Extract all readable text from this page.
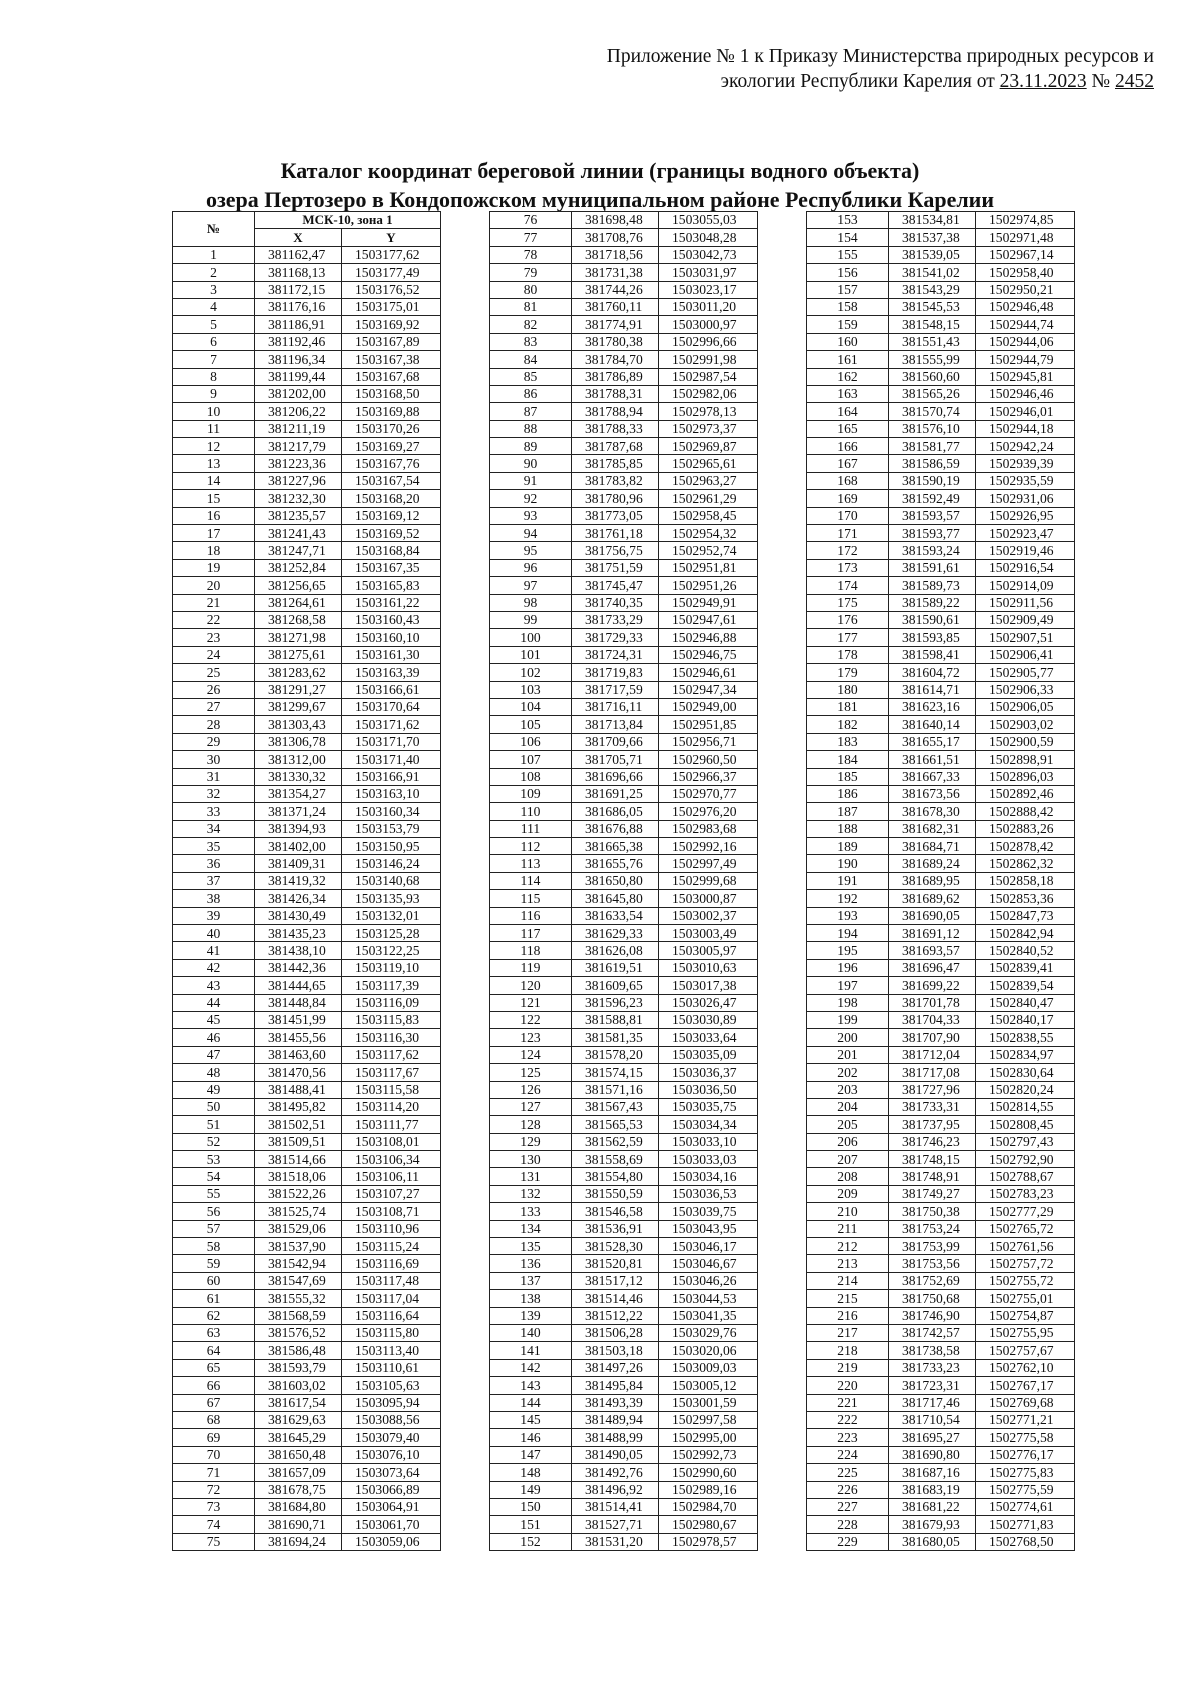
Приложение № 1 к Приказу Министерства природных ресурсов и
экологии Республики Карелия от 23.11.2023 № 2452
Каталог координат береговой линии (границы водного объекта)
озера Пертозеро в Кондопожском муниципальном районе Республики Карелии
№	МСК-10, зона 1	
	X	Y
1	381162,47	1503177,62
2	381168,13	1503177,49
3	381172,15	1503176,52
4	381176,16	1503175,01
5	381186,91	1503169,92
6	381192,46	1503167,89
7	381196,34	1503167,38
8	381199,44	1503167,68
9	381202,00	1503168,50
10	381206,22	1503169,88
11	381211,19	1503170,26
12	381217,79	1503169,27
13	381223,36	1503167,76
14	381227,96	1503167,54
15	381232,30	1503168,20
16	381235,57	1503169,12
17	381241,43	1503169,52
18	381247,71	1503168,84
19	381252,84	1503167,35
20	381256,65	1503165,83
21	381264,61	1503161,22
22	381268,58	1503160,43
23	381271,98	1503160,10
24	381275,61	1503161,30
25	381283,62	1503163,39
26	381291,27	1503166,61
27	381299,67	1503170,64
28	381303,43	1503171,62
29	381306,78	1503171,70
30	381312,00	1503171,40
31	381330,32	1503166,91
32	381354,27	1503163,10
33	381371,24	1503160,34
34	381394,93	1503153,79
35	381402,00	1503150,95
36	381409,31	1503146,24
37	381419,32	1503140,68
38	381426,34	1503135,93
39	381430,49	1503132,01
40	381435,23	1503125,28
41	381438,10	1503122,25
42	381442,36	1503119,10
43	381444,65	1503117,39
44	381448,84	1503116,09
45	381451,99	1503115,83
46	381455,56	1503116,30
47	381463,60	1503117,62
48	381470,56	1503117,67
49	381488,41	1503115,58
50	381495,82	1503114,20
51	381502,51	1503111,77
52	381509,51	1503108,01
53	381514,66	1503106,34
54	381518,06	1503106,11
55	381522,26	1503107,27
56	381525,74	1503108,71
57	381529,06	1503110,96
58	381537,90	1503115,24
59	381542,94	1503116,69
60	381547,69	1503117,48
61	381555,32	1503117,04
62	381568,59	1503116,64
63	381576,52	1503115,80
64	381586,48	1503113,40
65	381593,79	1503110,61
66	381603,02	1503105,63
67	381617,54	1503095,94
68	381629,63	1503088,56
69	381645,29	1503079,40
70	381650,48	1503076,10
71	381657,09	1503073,64
72	381678,75	1503066,89
73	381684,80	1503064,91
74	381690,71	1503061,70
75	381694,24	1503059,06
76	381698,48	1503055,03
77	381708,76	1503048,28
78	381718,56	1503042,73
79	381731,38	1503031,97
80	381744,26	1503023,17
81	381760,11	1503011,20
82	381774,91	1503000,97
83	381780,38	1502996,66
84	381784,70	1502991,98
85	381786,89	1502987,54
86	381788,31	1502982,06
87	381788,94	1502978,13
88	381788,33	1502973,37
89	381787,68	1502969,87
90	381785,85	1502965,61
91	381783,82	1502963,27
92	381780,96	1502961,29
93	381773,05	1502958,45
94	381761,18	1502954,32
95	381756,75	1502952,74
96	381751,59	1502951,81
97	381745,47	1502951,26
98	381740,35	1502949,91
99	381733,29	1502947,61
100	381729,33	1502946,88
101	381724,31	1502946,75
102	381719,83	1502946,61
103	381717,59	1502947,34
104	381716,11	1502949,00
105	381713,84	1502951,85
106	381709,66	1502956,71
107	381705,71	1502960,50
108	381696,66	1502966,37
109	381691,25	1502970,77
110	381686,05	1502976,20
111	381676,88	1502983,68
112	381665,38	1502992,16
113	381655,76	1502997,49
114	381650,80	1502999,68
115	381645,80	1503000,87
116	381633,54	1503002,37
117	381629,33	1503003,49
118	381626,08	1503005,97
119	381619,51	1503010,63
120	381609,65	1503017,38
121	381596,23	1503026,47
122	381588,81	1503030,89
123	381581,35	1503033,64
124	381578,20	1503035,09
125	381574,15	1503036,37
126	381571,16	1503036,50
127	381567,43	1503035,75
128	381565,53	1503034,34
129	381562,59	1503033,10
130	381558,69	1503033,03
131	381554,80	1503034,16
132	381550,59	1503036,53
133	381546,58	1503039,75
134	381536,91	1503043,95
135	381528,30	1503046,17
136	381520,81	1503046,67
137	381517,12	1503046,26
138	381514,46	1503044,53
139	381512,22	1503041,35
140	381506,28	1503029,76
141	381503,18	1503020,06
142	381497,26	1503009,03
143	381495,84	1503005,12
144	381493,39	1503001,59
145	381489,94	1502997,58
146	381488,99	1502995,00
147	381490,05	1502992,73
148	381492,76	1502990,60
149	381496,92	1502989,16
150	381514,41	1502984,70
151	381527,71	1502980,67
152	381531,20	1502978,57
153	381534,81	1502974,85
154	381537,38	1502971,48
155	381539,05	1502967,14
156	381541,02	1502958,40
157	381543,29	1502950,21
158	381545,53	1502946,48
159	381548,15	1502944,74
160	381551,43	1502944,06
161	381555,99	1502944,79
162	381560,60	1502945,81
163	381565,26	1502946,46
164	381570,74	1502946,01
165	381576,10	1502944,18
166	381581,77	1502942,24
167	381586,59	1502939,39
168	381590,19	1502935,59
169	381592,49	1502931,06
170	381593,57	1502926,95
171	381593,77	1502923,47
172	381593,24	1502919,46
173	381591,61	1502916,54
174	381589,73	1502914,09
175	381589,22	1502911,56
176	381590,61	1502909,49
177	381593,85	1502907,51
178	381598,41	1502906,41
179	381604,72	1502905,77
180	381614,71	1502906,33
181	381623,16	1502906,05
182	381640,14	1502903,02
183	381655,17	1502900,59
184	381661,51	1502898,91
185	381667,33	1502896,03
186	381673,56	1502892,46
187	381678,30	1502888,42
188	381682,31	1502883,26
189	381684,71	1502878,42
190	381689,24	1502862,32
191	381689,95	1502858,18
192	381689,62	1502853,36
193	381690,05	1502847,73
194	381691,12	1502842,94
195	381693,57	1502840,52
196	381696,47	1502839,41
197	381699,22	1502839,54
198	381701,78	1502840,47
199	381704,33	1502840,17
200	381707,90	1502838,55
201	381712,04	1502834,97
202	381717,08	1502830,64
203	381727,96	1502820,24
204	381733,31	1502814,55
205	381737,95	1502808,45
206	381746,23	1502797,43
207	381748,15	1502792,90
208	381748,91	1502788,67
209	381749,27	1502783,23
210	381750,38	1502777,29
211	381753,24	1502765,72
212	381753,99	1502761,56
213	381753,56	1502757,72
214	381752,69	1502755,72
215	381750,68	1502755,01
216	381746,90	1502754,87
217	381742,57	1502755,95
218	381738,58	1502757,67
219	381733,23	1502762,10
220	381723,31	1502767,17
221	381717,46	1502769,68
222	381710,54	1502771,21
223	381695,27	1502775,58
224	381690,80	1502776,17
225	381687,16	1502775,83
226	381683,19	1502775,59
227	381681,22	1502774,61
228	381679,93	1502771,83
229	381680,05	1502768,50
